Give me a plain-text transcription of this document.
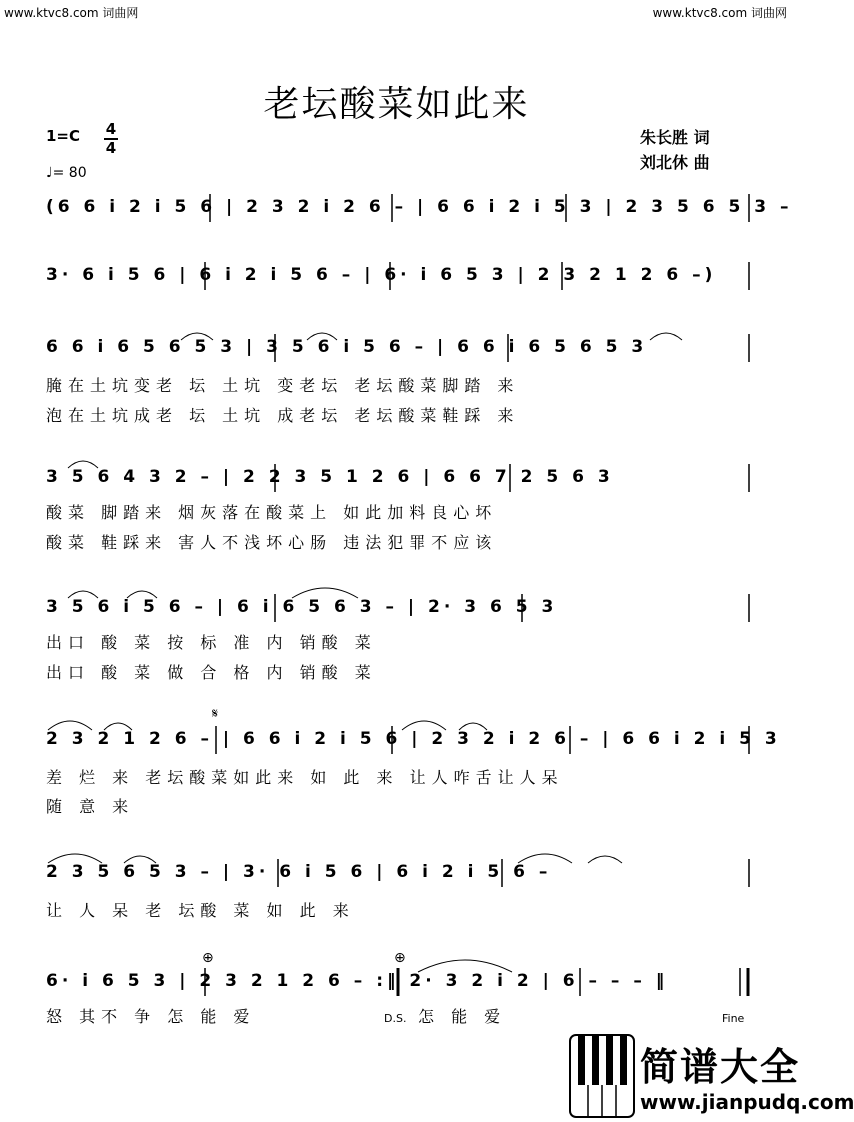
www.ktvc8.com 词曲网	www.ktvc8.com 词曲网
老坛酸菜如此来
1=C 4
4
♩= 80
朱长胜 词
刘北休 曲
(6 6 i 2 i 5 6 | 2 3 2 i 2 6 – | 6 6 i 2 i 5 3 | 2 3 5 6 5 3 –
3· 6 i 5 6 | 6 i 2 i 5 6 – | 6· i 6 5 3 | 2 3 2 1 2 6 –)
6 6 i 6 5 6 5 3 | 3 5 6 i 5 6 – | 6 6 i 6 5 6 5 3
腌在土坑变老 坛 土坑 变老坛 老坛酸菜脚踏 来
泡在土坑成老 坛 土坑 成老坛 老坛酸菜鞋踩 来
3 5 6 4 3 2 – | 2 2 3 5 1 2 6 | 6 6 7 2 5 6 3
酸菜 脚踏来 烟灰落在酸菜上 如此加料良心坏
酸菜 鞋踩来 害人不浅坏心肠 违法犯罪不应该
3 5 6 i 5 6 – | 6 i 6 5 6 3 – | 2· 3 6 5 3
出口 酸 菜 按 标 准 内 销酸 菜
出口 酸 菜 做 合 格 内 销酸 菜
𝄋
2 3 2 1 2 6 – | 6 6 i 2 i 5 6 | 2 3 2 i 2 6 – | 6 6 i 2 i 5 3
差 烂 来 老坛酸菜如此来 如 此 来 让人咋舌让人呆
随 意 来
2 3 5 6 5 3 – | 3· 6 i 5 6 | 6 i 2 i 5 6 –
让 人 呆 老 坛酸 菜 如 此 来
⊕	⊕
6· i 6 5 3 | 2 3 2 1 2 6 – :‖ 2· 3 2 i 2 | 6 – – – ‖
怒 其不 争 怎 能 爱	D.S. 怎 能 爱	Fine
简谱大全
www.jianpudq.com
